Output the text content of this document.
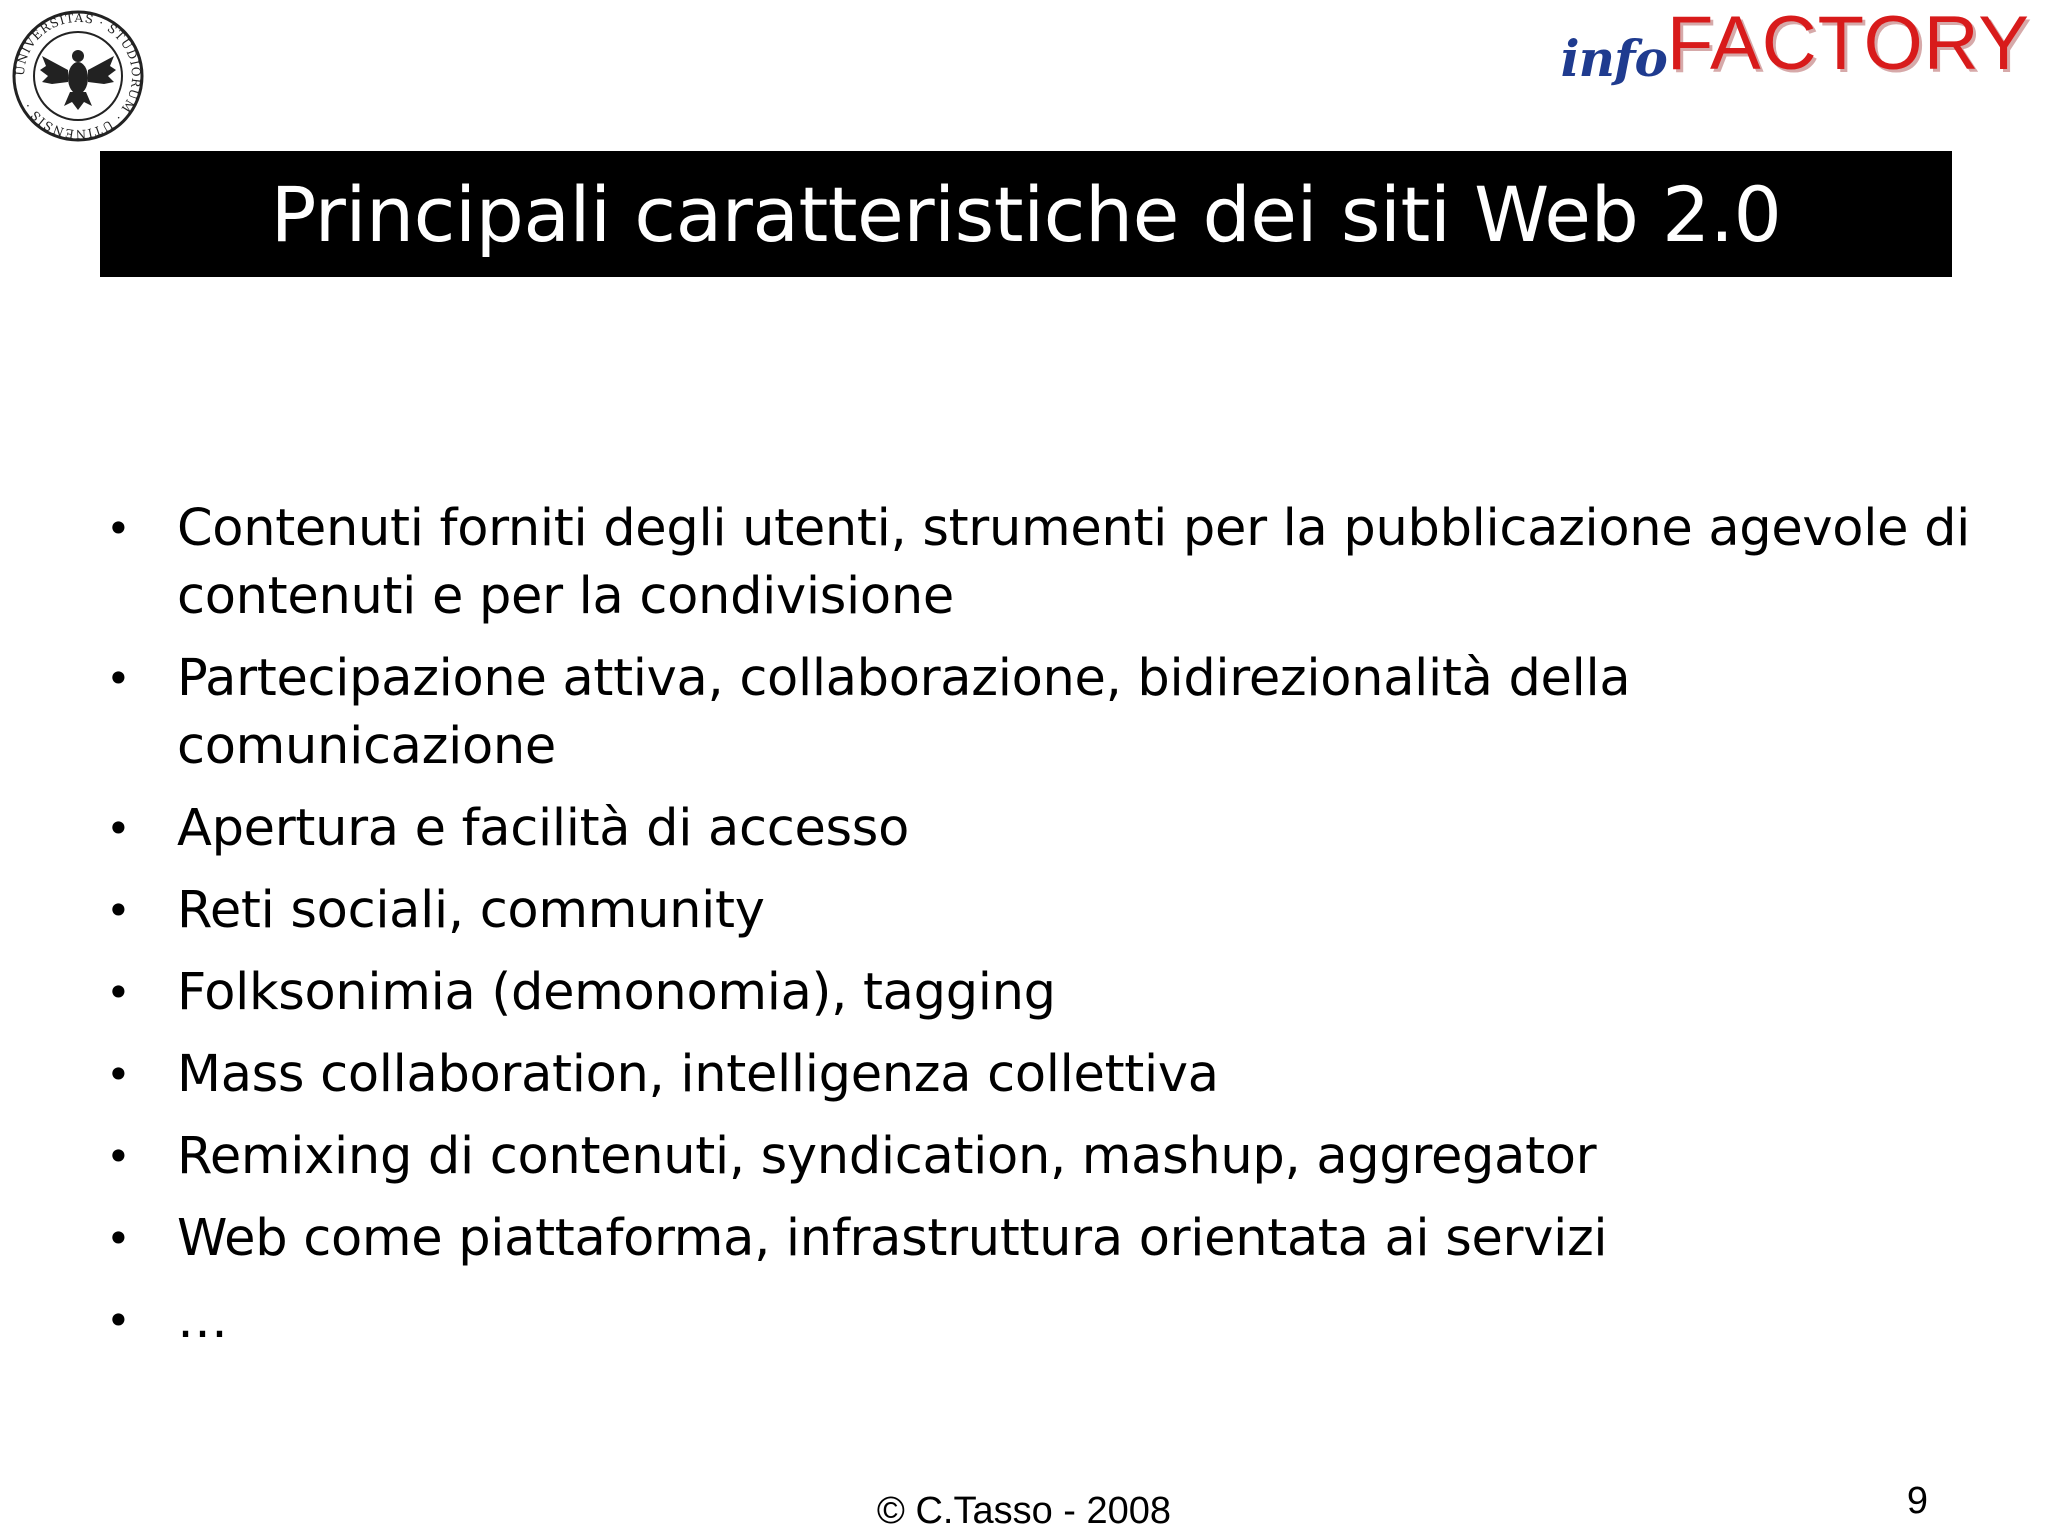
UNIVERSITAS · STUDIORUM · UTINENSIS ·
info FACTORY
Principali caratteristiche dei siti Web 2.0
• Contenuti forniti degli utenti, strumenti per la pubblicazione agevole di contenuti e per la condivisione
• Partecipazione attiva, collaborazione, bidirezionalità della comunicazione
• Apertura e facilità di accesso
• Reti sociali, community
• Folksonimia (demonomia), tagging
• Mass collaboration, intelligenza collettiva
• Remixing di contenuti, syndication, mashup, aggregator
• Web come piattaforma, infrastruttura orientata ai servizi
• …
© C.Tasso - 2008	9
